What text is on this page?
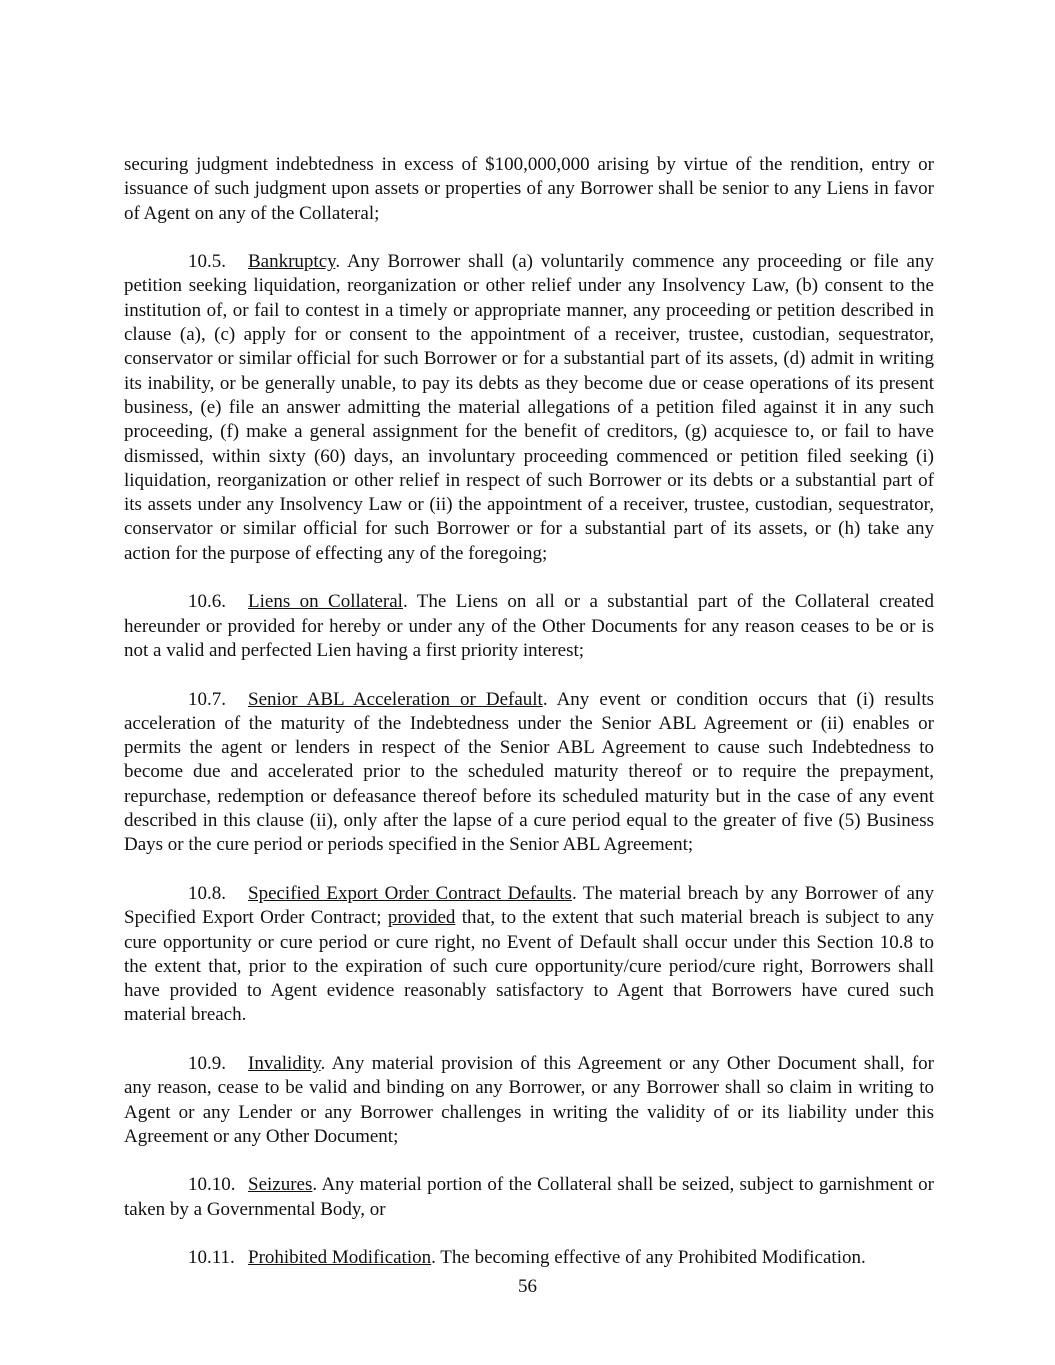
securing judgment indebtedness in excess of $100,000,000 arising by virtue of the rendition, entry or issuance of such judgment upon assets or properties of any Borrower shall be senior to any Liens in favor of Agent on any of the Collateral;

10.5. Bankruptcy. Any Borrower shall (a) voluntarily commence any proceeding or file any petition seeking liquidation, reorganization or other relief under any Insolvency Law, (b) consent to the institution of, or fail to contest in a timely or appropriate manner, any proceeding or petition described in clause (a), (c) apply for or consent to the appointment of a receiver, trustee, custodian, sequestrator, conservator or similar official for such Borrower or for a substantial part of its assets, (d) admit in writing its inability, or be generally unable, to pay its debts as they become due or cease operations of its present business, (e) file an answer admitting the material allegations of a petition filed against it in any such proceeding, (f) make a general assignment for the benefit of creditors, (g) acquiesce to, or fail to have dismissed, within sixty (60) days, an involuntary proceeding commenced or petition filed seeking (i) liquidation, reorganization or other relief in respect of such Borrower or its debts or a substantial part of its assets under any Insolvency Law or (ii) the appointment of a receiver, trustee, custodian, sequestrator, conservator or similar official for such Borrower or for a substantial part of its assets, or (h) take any action for the purpose of effecting any of the foregoing;

10.6. Liens on Collateral. The Liens on all or a substantial part of the Collateral created hereunder or provided for hereby or under any of the Other Documents for any reason ceases to be or is not a valid and perfected Lien having a first priority interest;

10.7. Senior ABL Acceleration or Default. Any event or condition occurs that (i) results acceleration of the maturity of the Indebtedness under the Senior ABL Agreement or (ii) enables or permits the agent or lenders in respect of the Senior ABL Agreement to cause such Indebtedness to become due and accelerated prior to the scheduled maturity thereof or to require the prepayment, repurchase, redemption or defeasance thereof before its scheduled maturity but in the case of any event described in this clause (ii), only after the lapse of a cure period equal to the greater of five (5) Business Days or the cure period or periods specified in the Senior ABL Agreement;

10.8. Specified Export Order Contract Defaults. The material breach by any Borrower of any Specified Export Order Contract; provided that, to the extent that such material breach is subject to any cure opportunity or cure period or cure right, no Event of Default shall occur under this Section 10.8 to the extent that, prior to the expiration of such cure opportunity/cure period/cure right, Borrowers shall have provided to Agent evidence reasonably satisfactory to Agent that Borrowers have cured such material breach.

10.9. Invalidity. Any material provision of this Agreement or any Other Document shall, for any reason, cease to be valid and binding on any Borrower, or any Borrower shall so claim in writing to Agent or any Lender or any Borrower challenges in writing the validity of or its liability under this Agreement or any Other Document;

10.10. Seizures. Any material portion of the Collateral shall be seized, subject to garnishment or taken by a Governmental Body, or

10.11. Prohibited Modification. The becoming effective of any Prohibited Modification.

56
